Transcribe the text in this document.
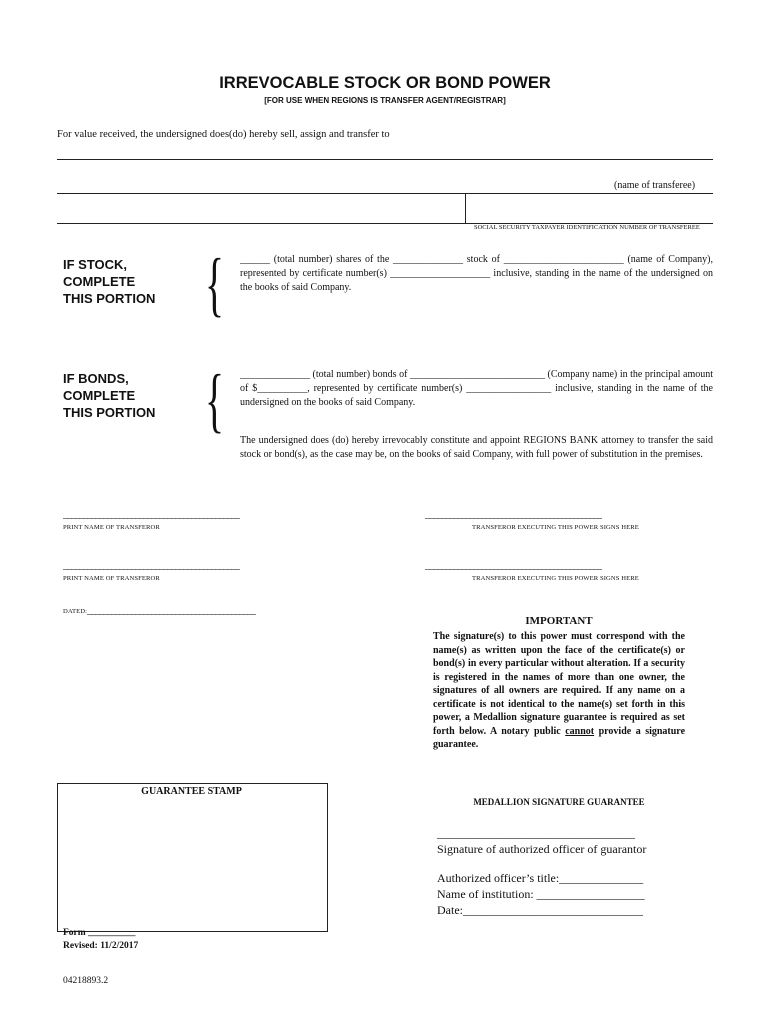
IRREVOCABLE STOCK OR BOND POWER
[FOR USE WHEN REGIONS IS TRANSFER AGENT/REGISTRAR]
For value received, the undersigned does(do) hereby sell, assign and transfer to
(name of transferee)
SOCIAL SECURITY TAXPAYER IDENTIFICATION NUMBER OF TRANSFEREE
IF STOCK,
COMPLETE
THIS PORTION { ______ (total number) shares of the ______________ stock of ________________________ (name of Company), represented by certificate number(s) ____________________ inclusive, standing in the name of the undersigned on the books of said Company.
IF BONDS,
COMPLETE
THIS PORTION { ______________ (total number) bonds of ___________________________ (Company name) in the principal amount of $__________, represented by certificate number(s) _________________ inclusive, standing in the name of the undersigned on the books of said Company.
The undersigned does (do) hereby irrevocably constitute and appoint REGIONS BANK attorney to transfer the said stock or bond(s), as the case may be, on the books of said Company, with full power of substitution in the premises.
____________________________________________
PRINT NAME OF TRANSFEROR
____________________________________________
TRANSFEROR EXECUTING THIS POWER SIGNS HERE
____________________________________________
PRINT NAME OF TRANSFEROR
____________________________________________
TRANSFEROR EXECUTING THIS POWER SIGNS HERE
DATED:__________________________________________
IMPORTANT
The signature(s) to this power must correspond with the name(s) as written upon the face of the certificate(s) or bond(s) in every particular without alteration. If a security is registered in the names of more than one owner, the signatures of all owners are required. If any name on a certificate is not identical to the name(s) set forth in this power, a Medallion signature guarantee is required as set forth below. A notary public cannot provide a signature guarantee.
GUARANTEE STAMP
MEDALLION SIGNATURE GUARANTEE
_________________________________
Signature of authorized officer of guarantor
Authorized officer’s title:______________
Name of institution: __________________
Date:______________________________
Form __________
Revised: 11/2/2017
04218893.2
